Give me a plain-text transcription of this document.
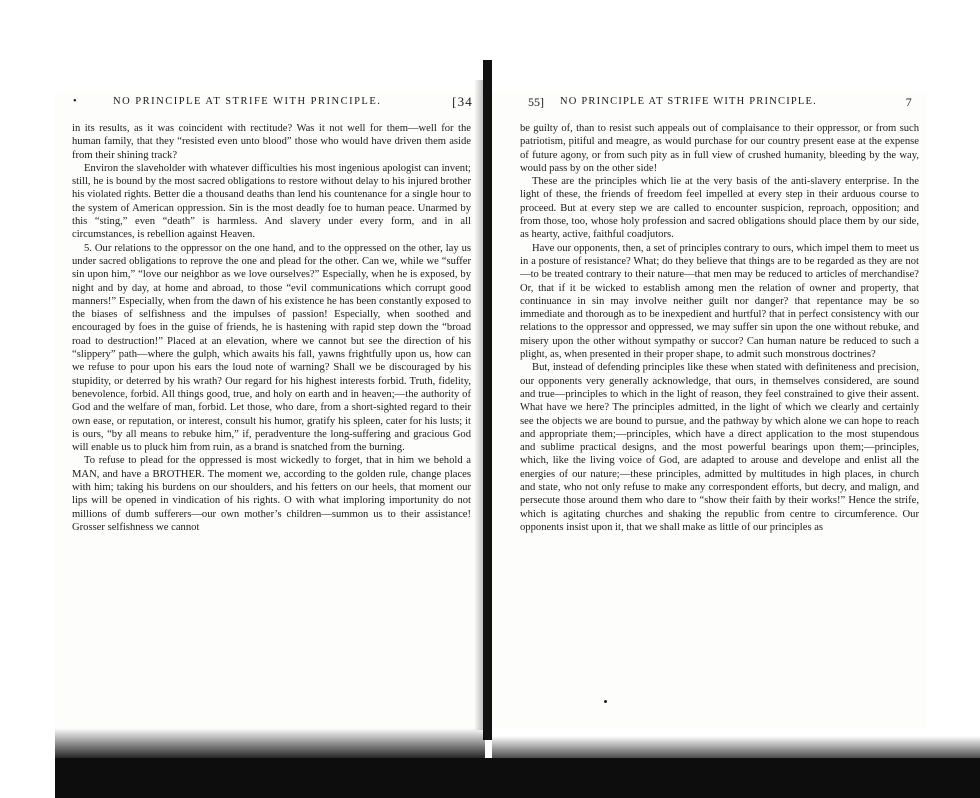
•	NO PRINCIPLE AT STRIFE WITH PRINCIPLE.	[34

in its results, as it was coincident with rectitude? Was it not well for them—well for the human family, that they “resisted even unto blood” those who would have driven them aside from their shining track?

Environ the slaveholder with whatever difficulties his most ingenious apologist can invent; still, he is bound by the most sacred obligations to restore without delay to his injured brother his violated rights. Better die a thousand deaths than lend his countenance for a single hour to the system of American oppression. Sin is the most deadly foe to human peace. Unarmed by this “sting,” even “death” is harmless. And slavery under every form, and in all circumstances, is rebellion against Heaven.

5. Our relations to the oppressor on the one hand, and to the oppressed on the other, lay us under sacred obligations to reprove the one and plead for the other. Can we, while we “suffer sin upon him,” “love our neighbor as we love ourselves?” Especially, when he is exposed, by night and by day, at home and abroad, to those “evil communications which corrupt good manners!” Especially, when from the dawn of his existence he has been constantly exposed to the biases of selfishness and the impulses of passion! Especially, when soothed and encouraged by foes in the guise of friends, he is hastening with rapid step down the “broad road to destruction!” Placed at an elevation, where we cannot but see the direction of his “slippery” path—where the gulph, which awaits his fall, yawns frightfully upon us, how can we refuse to pour upon his ears the loud note of warning? Shall we be discouraged by his stupidity, or deterred by his wrath? Our regard for his highest interests forbid. Truth, fidelity, benevolence, forbid. All things good, true, and holy on earth and in heaven;—the authority of God and the welfare of man, forbid. Let those, who dare, from a short-sighted regard to their own ease, or reputation, or interest, consult his humor, gratify his spleen, cater for his lusts; it is ours, “by all means to rebuke him,” if, peradventure the long-suffering and gracious God will enable us to pluck him from ruin, as a brand is snatched from the burning.

To refuse to plead for the oppressed is most wickedly to forget, that in him we behold a MAN, and have a BROTHER. The moment we, according to the golden rule, change places with him; taking his burdens on our shoulders, and his fetters on our heels, that moment our lips will be opened in vindication of his rights. O with what imploring importunity do not millions of dumb sufferers—our own mother’s children—summon us to their assistance! Grosser selfishness we cannot

55] NO PRINCIPLE AT STRIFE WITH PRINCIPLE.	7

be guilty of, than to resist such appeals out of complaisance to their oppressor, or from such patriotism, pitiful and meagre, as would purchase for our country present ease at the expense of future agony, or from such pity as in full view of crushed humanity, bleeding by the way, would pass by on the other side!

These are the principles which lie at the very basis of the anti-slavery enterprise. In the light of these, the friends of freedom feel impelled at every step in their arduous course to proceed. But at every step we are called to encounter suspicion, reproach, opposition; and from those, too, whose holy profession and sacred obligations should place them by our side, as hearty, active, faithful coadjutors.

Have our opponents, then, a set of principles contrary to ours, which impel them to meet us in a posture of resistance? What; do they believe that things are to be regarded as they are not—to be treated contrary to their nature—that men may be reduced to articles of merchandise? Or, that if it be wicked to establish among men the relation of owner and property, that continuance in sin may involve neither guilt nor danger? that repentance may be so immediate and thorough as to be inexpedient and hurtful? that in perfect consistency with our relations to the oppressor and oppressed, we may suffer sin upon the one without rebuke, and misery upon the other without sympathy or succor? Can human nature be reduced to such a plight, as, when presented in their proper shape, to admit such monstrous doctrines?

But, instead of defending principles like these when stated with definiteness and precision, our opponents very generally acknowledge, that ours, in themselves considered, are sound and true—principles to which in the light of reason, they feel constrained to give their assent. What have we here? The principles admitted, in the light of which we clearly and certainly see the objects we are bound to pursue, and the pathway by which alone we can hope to reach and appropriate them;—principles, which have a direct application to the most stupendous and sublime practical designs, and the most powerful bearings upon them;—principles, which, like the living voice of God, are adapted to arouse and develope and enlist all the energies of our nature;—these principles, admitted by multitudes in high places, in church and state, who not only refuse to make any correspondent efforts, but decry, and malign, and persecute those around them who dare to “show their faith by their works!” Hence the strife, which is agitating churches and shaking the republic from centre to circumference. Our opponents insist upon it, that we shall make as little of our principles as
